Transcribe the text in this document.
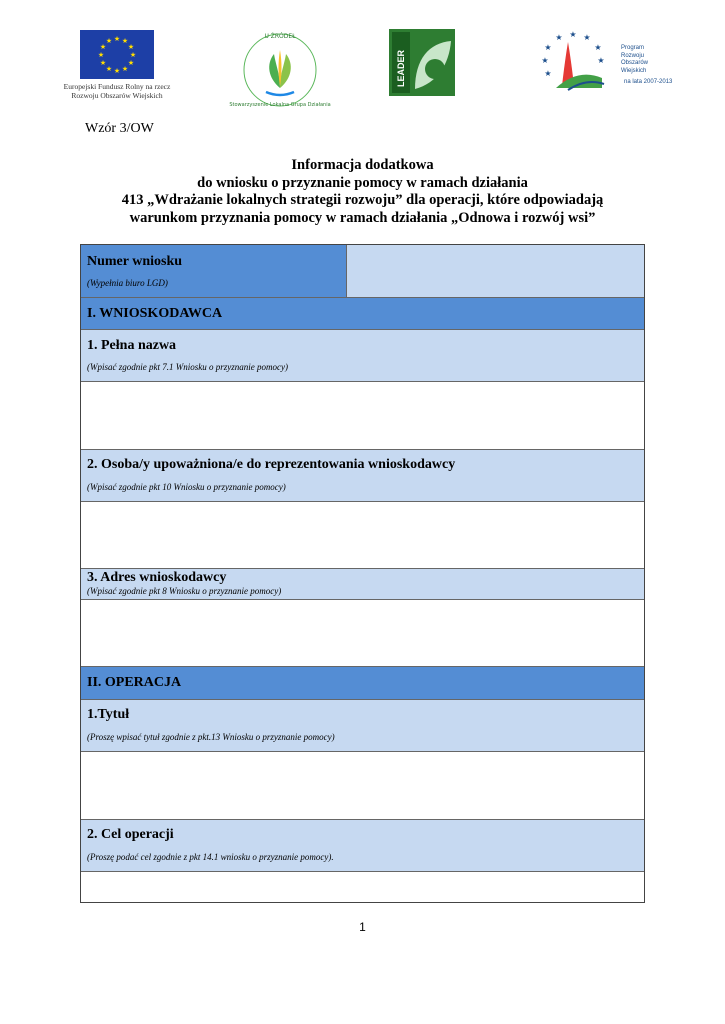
★ ★
★
★
★
★
★
★
★
★
★
★
Europejski Fundusz Rolny na rzecz
Rozwoju Obszarów Wiejskich
U ŹRÓDEŁ
Stowarzyszenie Lokalna Grupa Działania
LEADER
★ ★
★
★
★
★
★
★
Program
Rozwoju
Obszarów
Wiejskich
na lata 2007-2013
Wzór 3/OW
Informacja dodatkowa
do wniosku o przyznanie pomocy w ramach działania
413 „Wdrażanie lokalnych strategii rozwoju” dla operacji, które odpowiadają
warunkom przyznania pomocy w ramach działania „Odnowa i rozwój wsi”
Numer wniosku
(Wypełnia biuro LGD)
I. WNIOSKODAWCA
1. Pełna nazwa
(Wpisać zgodnie pkt 7.1 Wniosku o przyznanie pomocy)
2. Osoba/y upoważniona/e do reprezentowania wnioskodawcy
(Wpisać zgodnie pkt 10 Wniosku o przyznanie pomocy)
3. Adres wnioskodawcy
(Wpisać zgodnie pkt 8 Wniosku o przyznanie pomocy)
II. OPERACJA
1.Tytuł
(Proszę wpisać tytuł zgodnie z pkt.13 Wniosku o przyznanie pomocy)
2. Cel operacji
(Proszę podać cel zgodnie z pkt 14.1 wniosku o przyznanie pomocy).
1
